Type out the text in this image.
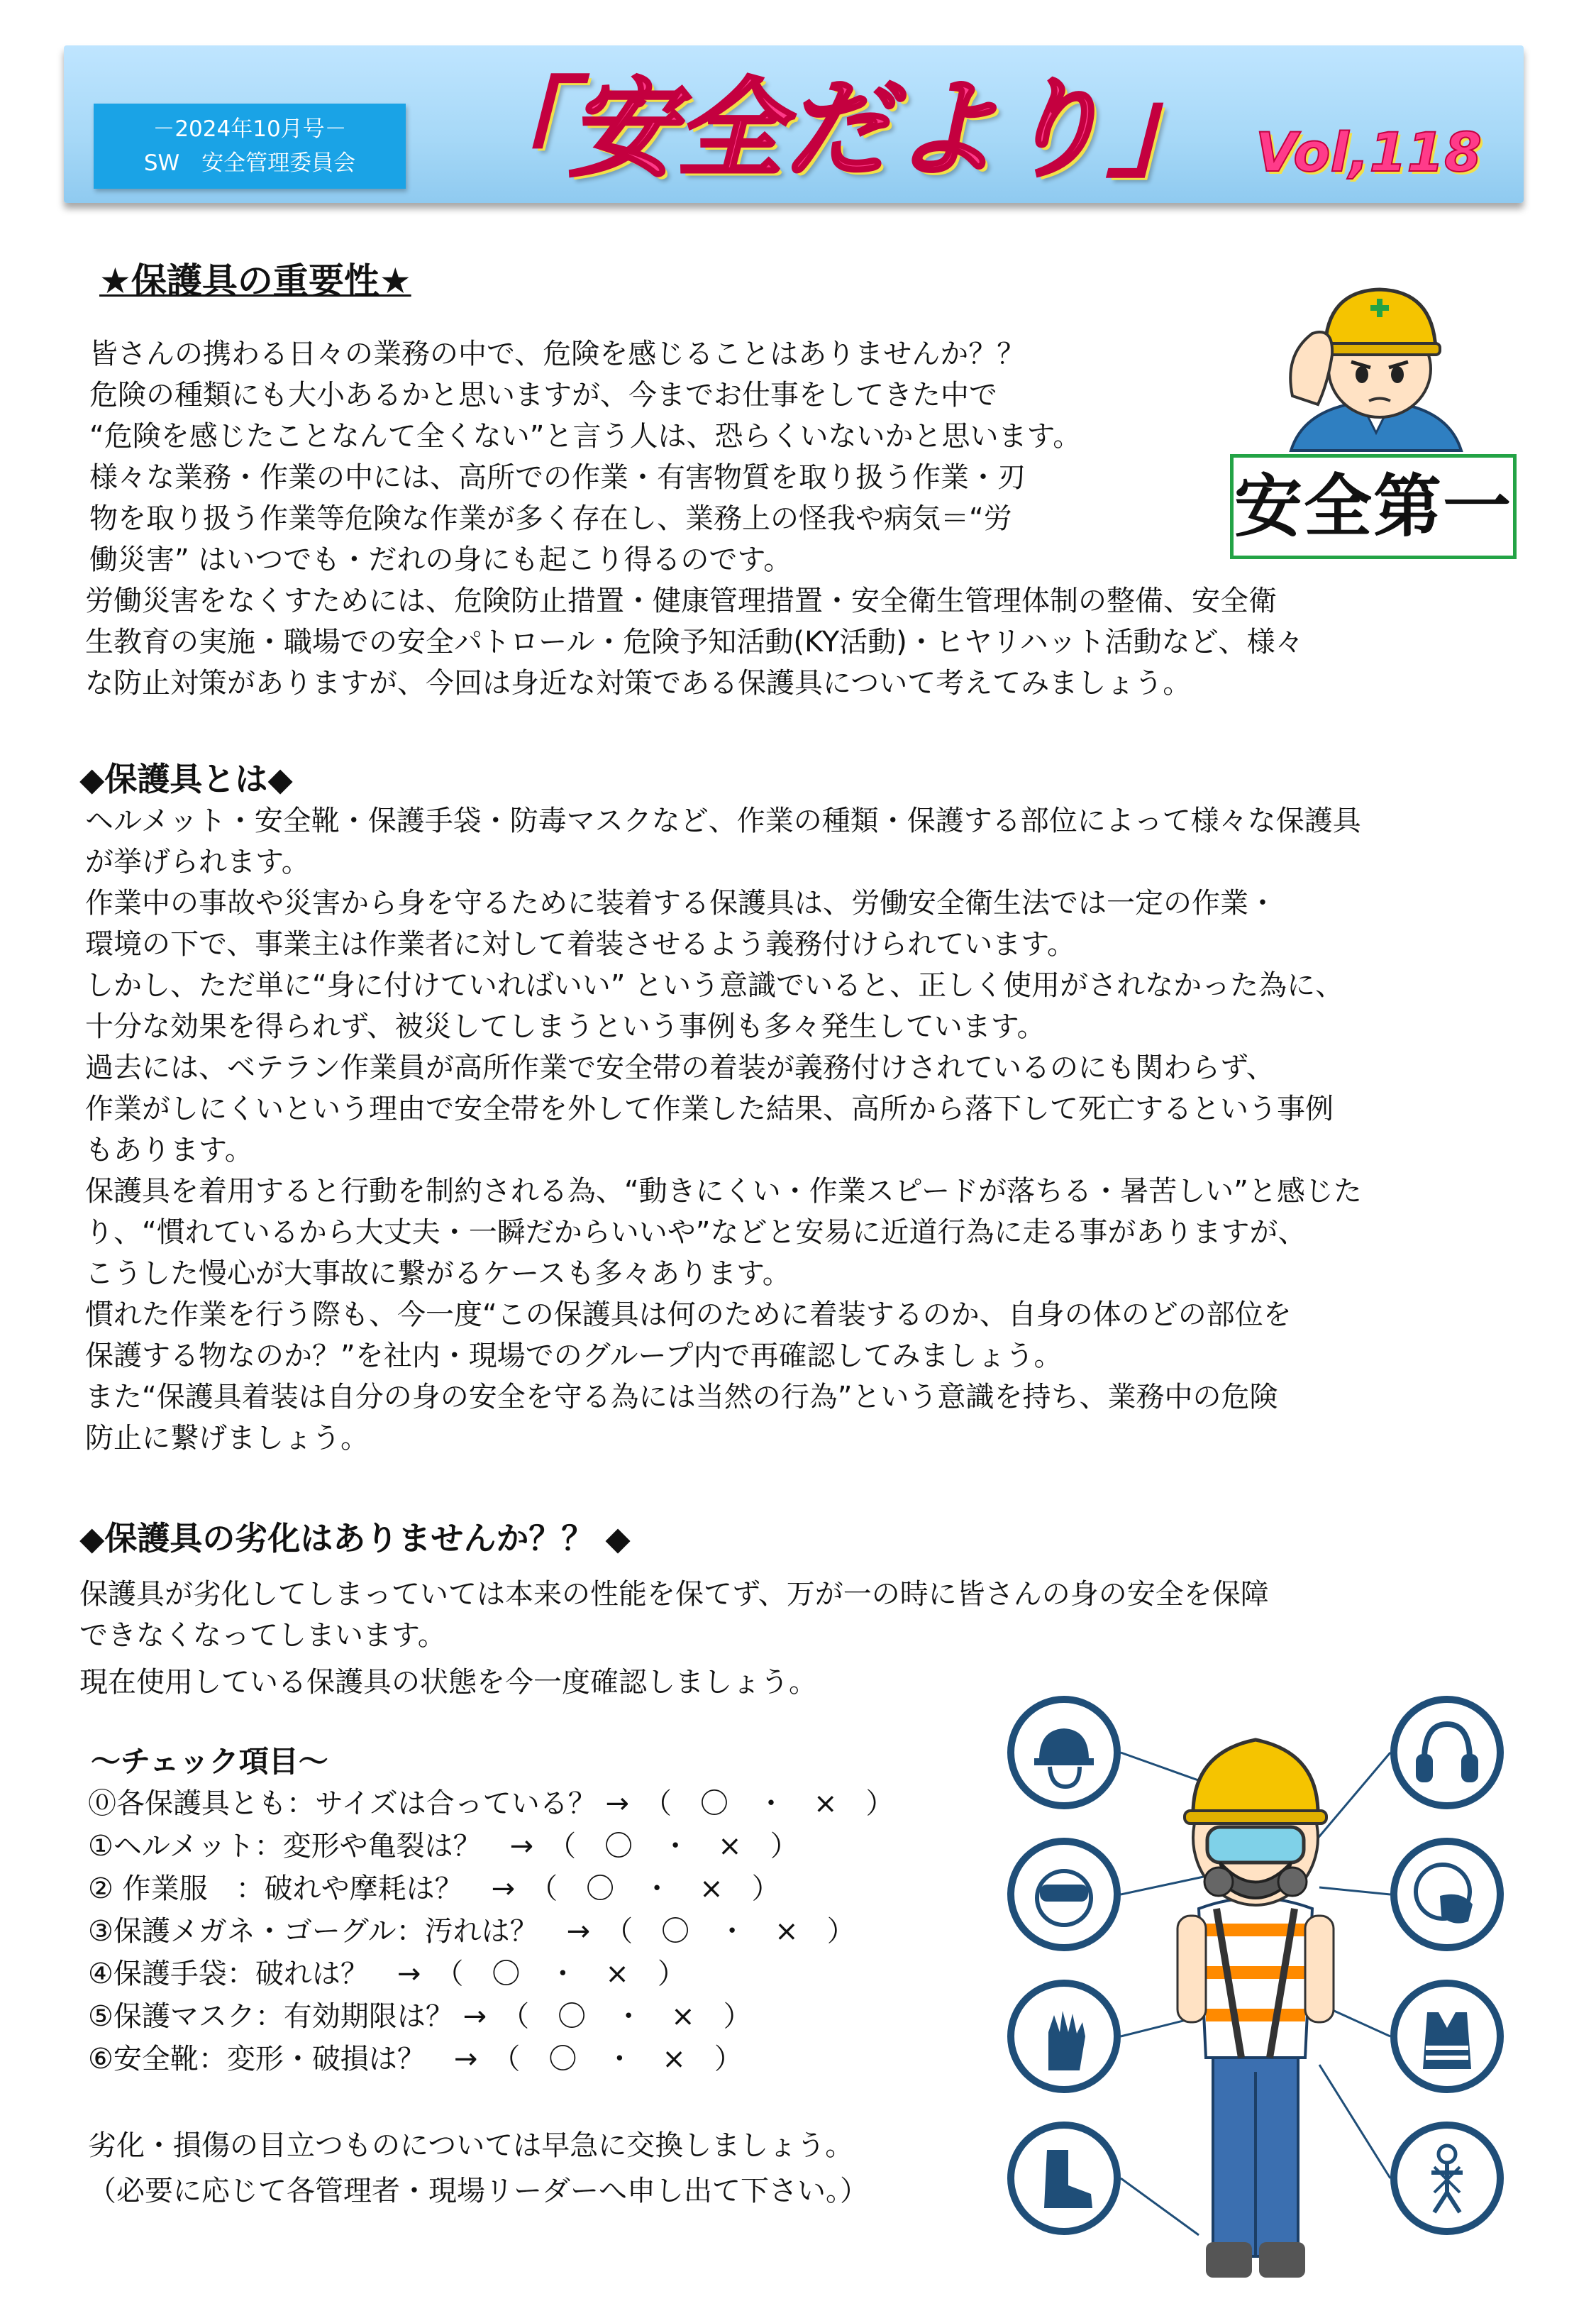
－2024年10月号－
SW　安全管理委員会 「安全だより」 Vol,118
★保護具の重要性★
皆さんの携わる日々の業務の中で、危険を感じることはありませんか？？
危険の種類にも大小あるかと思いますが、今までお仕事をしてきた中で
“危険を感じたことなんて全くない”と言う人は、恐らくいないかと思います。
様々な業務・作業の中には、高所での作業・有害物質を取り扱う作業・刃
物を取り扱う作業等危険な作業が多く存在し、業務上の怪我や病気＝“労
働災害” はいつでも・だれの身にも起こり得るのです。
労働災害をなくすためには、危険防止措置・健康管理措置・安全衛生管理体制の整備、安全衛
生教育の実施・職場での安全パトロール・危険予知活動(KY活動)・ヒヤリハット活動など、様々
な防止対策がありますが、今回は身近な対策である保護具について考えてみましょう。
安全第一
◆保護具とは◆
ヘルメット・安全靴・保護手袋・防毒マスクなど、作業の種類・保護する部位によって様々な保護具
が挙げられます。
作業中の事故や災害から身を守るために装着する保護具は、労働安全衛生法では一定の作業・
環境の下で、事業主は作業者に対して着装させるよう義務付けられています。
しかし、ただ単に“身に付けていればいい” という意識でいると、正しく使用がされなかった為に、
十分な効果を得られず、被災してしまうという事例も多々発生しています。
過去には、ベテラン作業員が高所作業で安全帯の着装が義務付けされているのにも関わらず、
作業がしにくいという理由で安全帯を外して作業した結果、高所から落下して死亡するという事例
もあります。
保護具を着用すると行動を制約される為、“動きにくい・作業スピードが落ちる・暑苦しい”と感じた
り、“慣れているから大丈夫・一瞬だからいいや”などと安易に近道行為に走る事がありますが、
こうした慢心が大事故に繋がるケースも多々あります。
慣れた作業を行う際も、今一度“この保護具は何のために着装するのか、自身の体のどの部位を
保護する物なのか？”を社内・現場でのグループ内で再確認してみましょう。
また“保護具着装は自分の身の安全を守る為には当然の行為”という意識を持ち、業務中の危険
防止に繋げましょう。
◆保護具の劣化はありませんか？？ ◆
保護具が劣化してしまっていては本来の性能を保てず、万が一の時に皆さんの身の安全を保障
できなくなってしまいます。
現在使用している保護具の状態を今一度確認しましょう。
～チェック項目～
⓪各保護具とも：サイズは合っている？ →　（　〇　・　×　）
①ヘルメット：変形や亀裂は？　→　（　〇　・　×　）
② 作業服　：破れや摩耗は？　→　（　〇　・　×　）
③保護メガネ・ゴーグル：汚れは？　→　（　〇　・　×　）
④保護手袋：破れは？　→　（　〇　・　×　）
⑤保護マスク：有効期限は？ →　（　〇　・　×　）
⑥安全靴：変形・破損は？　→　（　〇　・　×　）
劣化・損傷の目立つものについては早急に交換しましょう。
（必要に応じて各管理者・現場リーダーへ申し出て下さい。）
